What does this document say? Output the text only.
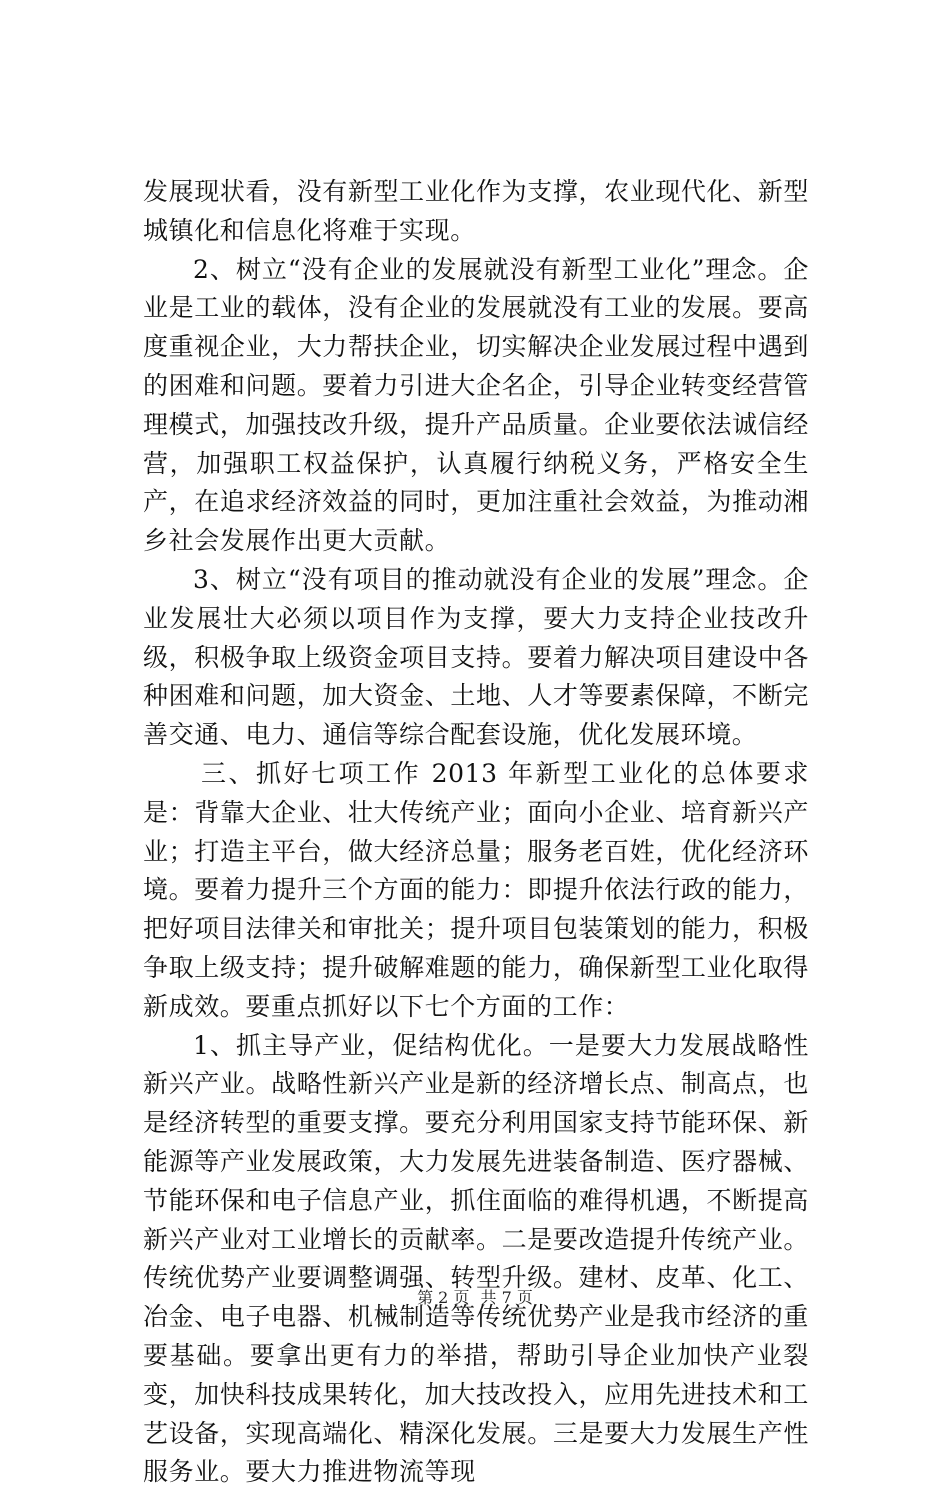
发展现状看，没有新型工业化作为支撑，农业现代化、新型城镇化和信息化将难于实现。

2、树立“没有企业的发展就没有新型工业化”理念。企业是工业的载体，没有企业的发展就没有工业的发展。要高度重视企业，大力帮扶企业，切实解决企业发展过程中遇到的困难和问题。要着力引进大企名企，引导企业转变经营管理模式，加强技改升级，提升产品质量。企业要依法诚信经营，加强职工权益保护，认真履行纳税义务，严格安全生产，在追求经济效益的同时，更加注重社会效益，为推动湘乡社会发展作出更大贡献。

3、树立“没有项目的推动就没有企业的发展”理念。企业发展壮大必须以项目作为支撑，要大力支持企业技改升级，积极争取上级资金项目支持。要着力解决项目建设中各种困难和问题，加大资金、土地、人才等要素保障，不断完善交通、电力、通信等综合配套设施，优化发展环境。

三、抓好七项工作 2013 年新型工业化的总体要求是：背靠大企业、壮大传统产业；面向小企业、培育新兴产业；打造主平台，做大经济总量；服务老百姓，优化经济环境。要着力提升三个方面的能力：即提升依法行政的能力，把好项目法律关和审批关；提升项目包装策划的能力，积极争取上级支持；提升破解难题的能力，确保新型工业化取得新成效。要重点抓好以下七个方面的工作：

1、抓主导产业，促结构优化。一是要大力发展战略性新兴产业。战略性新兴产业是新的经济增长点、制高点，也是经济转型的重要支撑。要充分利用国家支持节能环保、新能源等产业发展政策，大力发展先进装备制造、医疗器械、节能环保和电子信息产业，抓住面临的难得机遇，不断提高新兴产业对工业增长的贡献率。二是要改造提升传统产业。传统优势产业要调整调强、转型升级。建材、皮革、化工、冶金、电子电器、机械制造等传统优势产业是我市经济的重要基础。要拿出更有力的举措，帮助引导企业加快产业裂变，加快科技成果转化，加大技改投入，应用先进技术和工艺设备，实现高端化、精深化发展。三是要大力发展生产性服务业。要大力推进物流等现

第 2 页 共 7 页
